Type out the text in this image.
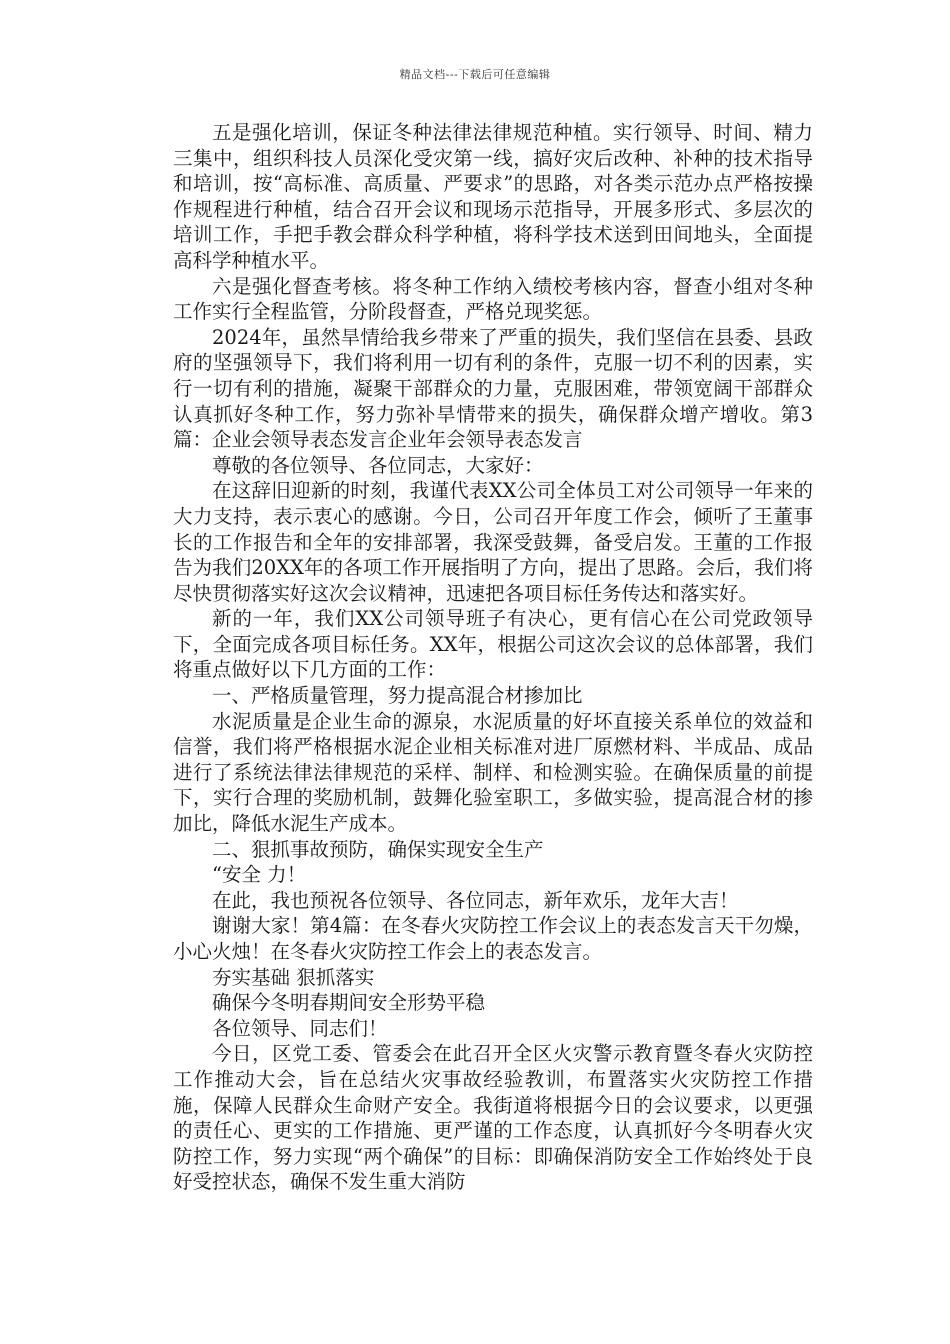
精品文档---下载后可任意编辑

五是强化培训，保证冬种法律法律规范种植。实行领导、时间、精力三集中，组织科技人员深化受灾第一线，搞好灾后改种、补种的技术指导和培训，按“高标准、高质量、严要求”的思路，对各类示范办点严格按操作规程进行种植，结合召开会议和现场示范指导，开展多形式、多层次的培训工作，手把手教会群众科学种植，将科学技术送到田间地头，全面提高科学种植水平。

六是强化督查考核。将冬种工作纳入绩校考核内容，督查小组对冬种工作实行全程监管，分阶段督查，严格兑现奖惩。

2024年，虽然旱情给我乡带来了严重的损失，我们坚信在县委、县政府的坚强领导下，我们将利用一切有利的条件，克服一切不利的因素，实行一切有利的措施，凝聚干部群众的力量，克服困难，带领宽阔干部群众认真抓好冬种工作，努力弥补旱情带来的损失，确保群众增产增收。第3篇：企业会领导表态发言企业年会领导表态发言

尊敬的各位领导、各位同志，大家好：

在这辞旧迎新的时刻，我谨代表XX公司全体员工对公司领导一年来的大力支持，表示衷心的感谢。今日，公司召开年度工作会，倾听了王董事长的工作报告和全年的安排部署，我深受鼓舞，备受启发。王董的工作报告为我们20XX年的各项工作开展指明了方向，提出了思路。会后，我们将尽快贯彻落实好这次会议精神，迅速把各项目标任务传达和落实好。

新的一年，我们XX公司领导班子有决心，更有信心在公司党政领导下，全面完成各项目标任务。XX年，根据公司这次会议的总体部署，我们将重点做好以下几方面的工作：

一、严格质量管理，努力提高混合材掺加比

水泥质量是企业生命的源泉，水泥质量的好坏直接关系单位的效益和信誉，我们将严格根据水泥企业相关标准对进厂原燃材料、半成品、成品进行了系统法律法律规范的采样、制样、和检测实验。在确保质量的前提下，实行合理的奖励机制，鼓舞化验室职工，多做实验，提高混合材的掺加比，降低水泥生产成本。

二、狠抓事故预防，确保实现安全生产

“安全 力！

在此，我也预祝各位领导、各位同志，新年欢乐，龙年大吉！

谢谢大家！第4篇：在冬春火灾防控工作会议上的表态发言天干勿燥，小心火烛！在冬春火灾防控工作会上的表态发言。

夯实基础 狠抓落实

确保今冬明春期间安全形势平稳

各位领导、同志们！

今日，区党工委、管委会在此召开全区火灾警示教育暨冬春火灾防控工作推动大会，旨在总结火灾事故经验教训，布置落实火灾防控工作措施，保障人民群众生命财产安全。我街道将根据今日的会议要求，以更强的责任心、更实的工作措施、更严谨的工作态度，认真抓好今冬明春火灾防控工作，努力实现“两个确保”的目标：即确保消防安全工作始终处于良好受控状态，确保不发生重大消防
